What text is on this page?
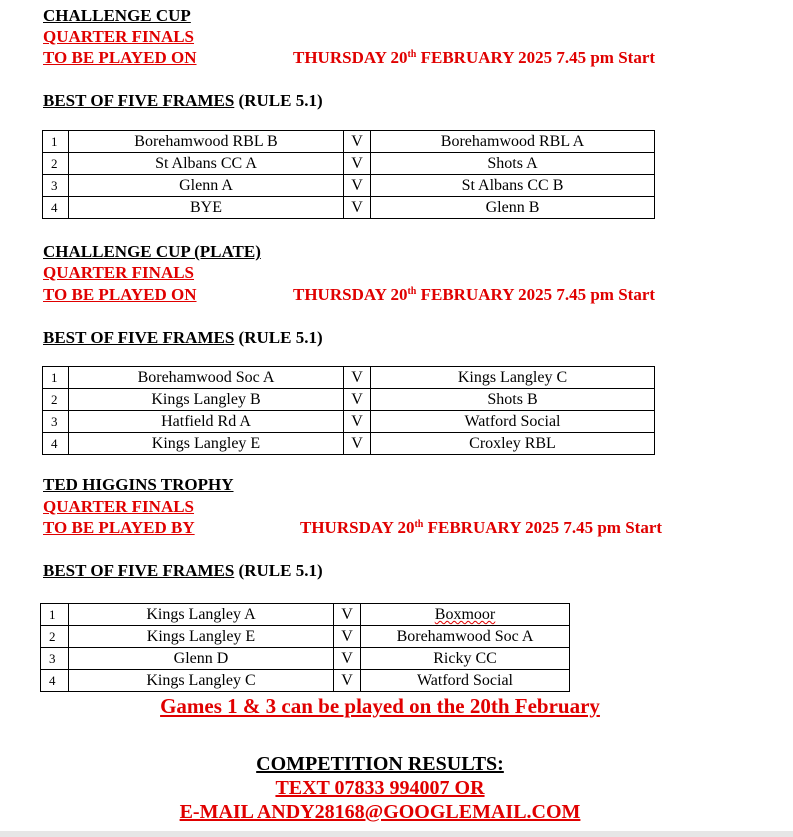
CHALLENGE CUP
QUARTER FINALS
TO BE PLAYED ON	THURSDAY 20th FEBRUARY 2025 7.45 pm Start
BEST OF FIVE FRAMES (RULE 5.1)
1	Borehamwood RBL B	V	Borehamwood RBL A
2	St Albans CC A	V	Shots A
3	Glenn A	V	St Albans CC B
4	BYE	V	Glenn B
CHALLENGE CUP (PLATE)
QUARTER FINALS
TO BE PLAYED ON	THURSDAY 20th FEBRUARY 2025 7.45 pm Start
BEST OF FIVE FRAMES (RULE 5.1)
1	Borehamwood Soc A	V	Kings Langley C
2	Kings Langley B	V	Shots B
3	Hatfield Rd A	V	Watford Social
4	Kings Langley E	V	Croxley RBL
TED HIGGINS TROPHY
QUARTER FINALS
TO BE PLAYED BY	THURSDAY 20th FEBRUARY 2025 7.45 pm Start
BEST OF FIVE FRAMES (RULE 5.1)
1	Kings Langley A	V	Boxmoor
2	Kings Langley E	V	Borehamwood Soc A
3	Glenn D	V	Ricky CC
4	Kings Langley C	V	Watford Social
Games 1 & 3 can be played on the 20th February
COMPETITION RESULTS:
TEXT 07833 994007 OR
E-MAIL ANDY28168@GOOGLEMAIL.COM
